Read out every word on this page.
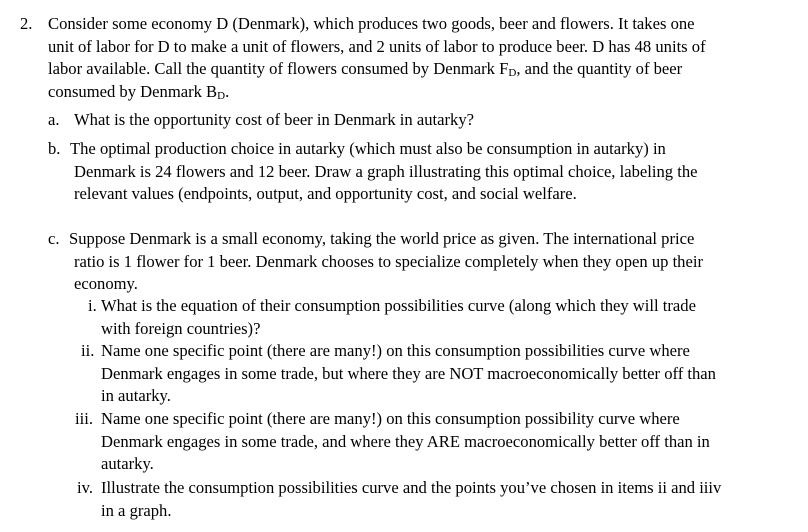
2. Consider some economy D (Denmark), which produces two goods, beer and flowers. It takes one
unit of labor for D to make a unit of flowers, and 2 units of labor to produce beer. D has 48 units of
labor available. Call the quantity of flowers consumed by Denmark $F_D$, and the quantity of beer
consumed by Denmark $B_D$.
a. What is the opportunity cost of beer in Denmark in autarky?
b. The optimal production choice in autarky (which must also be consumption in autarky) in
Denmark is 24 flowers and 12 beer. Draw a graph illustrating this optimal choice, labeling the
relevant values (endpoints, output, and opportunity cost, and social welfare.
c. Suppose Denmark is a small economy, taking the world price as given. The international price
ratio is 1 flower for 1 beer. Denmark chooses to specialize completely when they open up their
economy.
i. What is the equation of their consumption possibilities curve (along which they will trade
with foreign countries)?
ii. Name one specific point (there are many!) on this consumption possibilities curve where
Denmark engages in some trade, but where they are NOT macroeconomically better off than
in autarky.
iii. Name one specific point (there are many!) on this consumption possibility curve where
Denmark engages in some trade, and where they ARE macroeconomically better off than in
autarky.
iv. Illustrate the consumption possibilities curve and the points you’ve chosen in items ii and iiiv
in a graph.
